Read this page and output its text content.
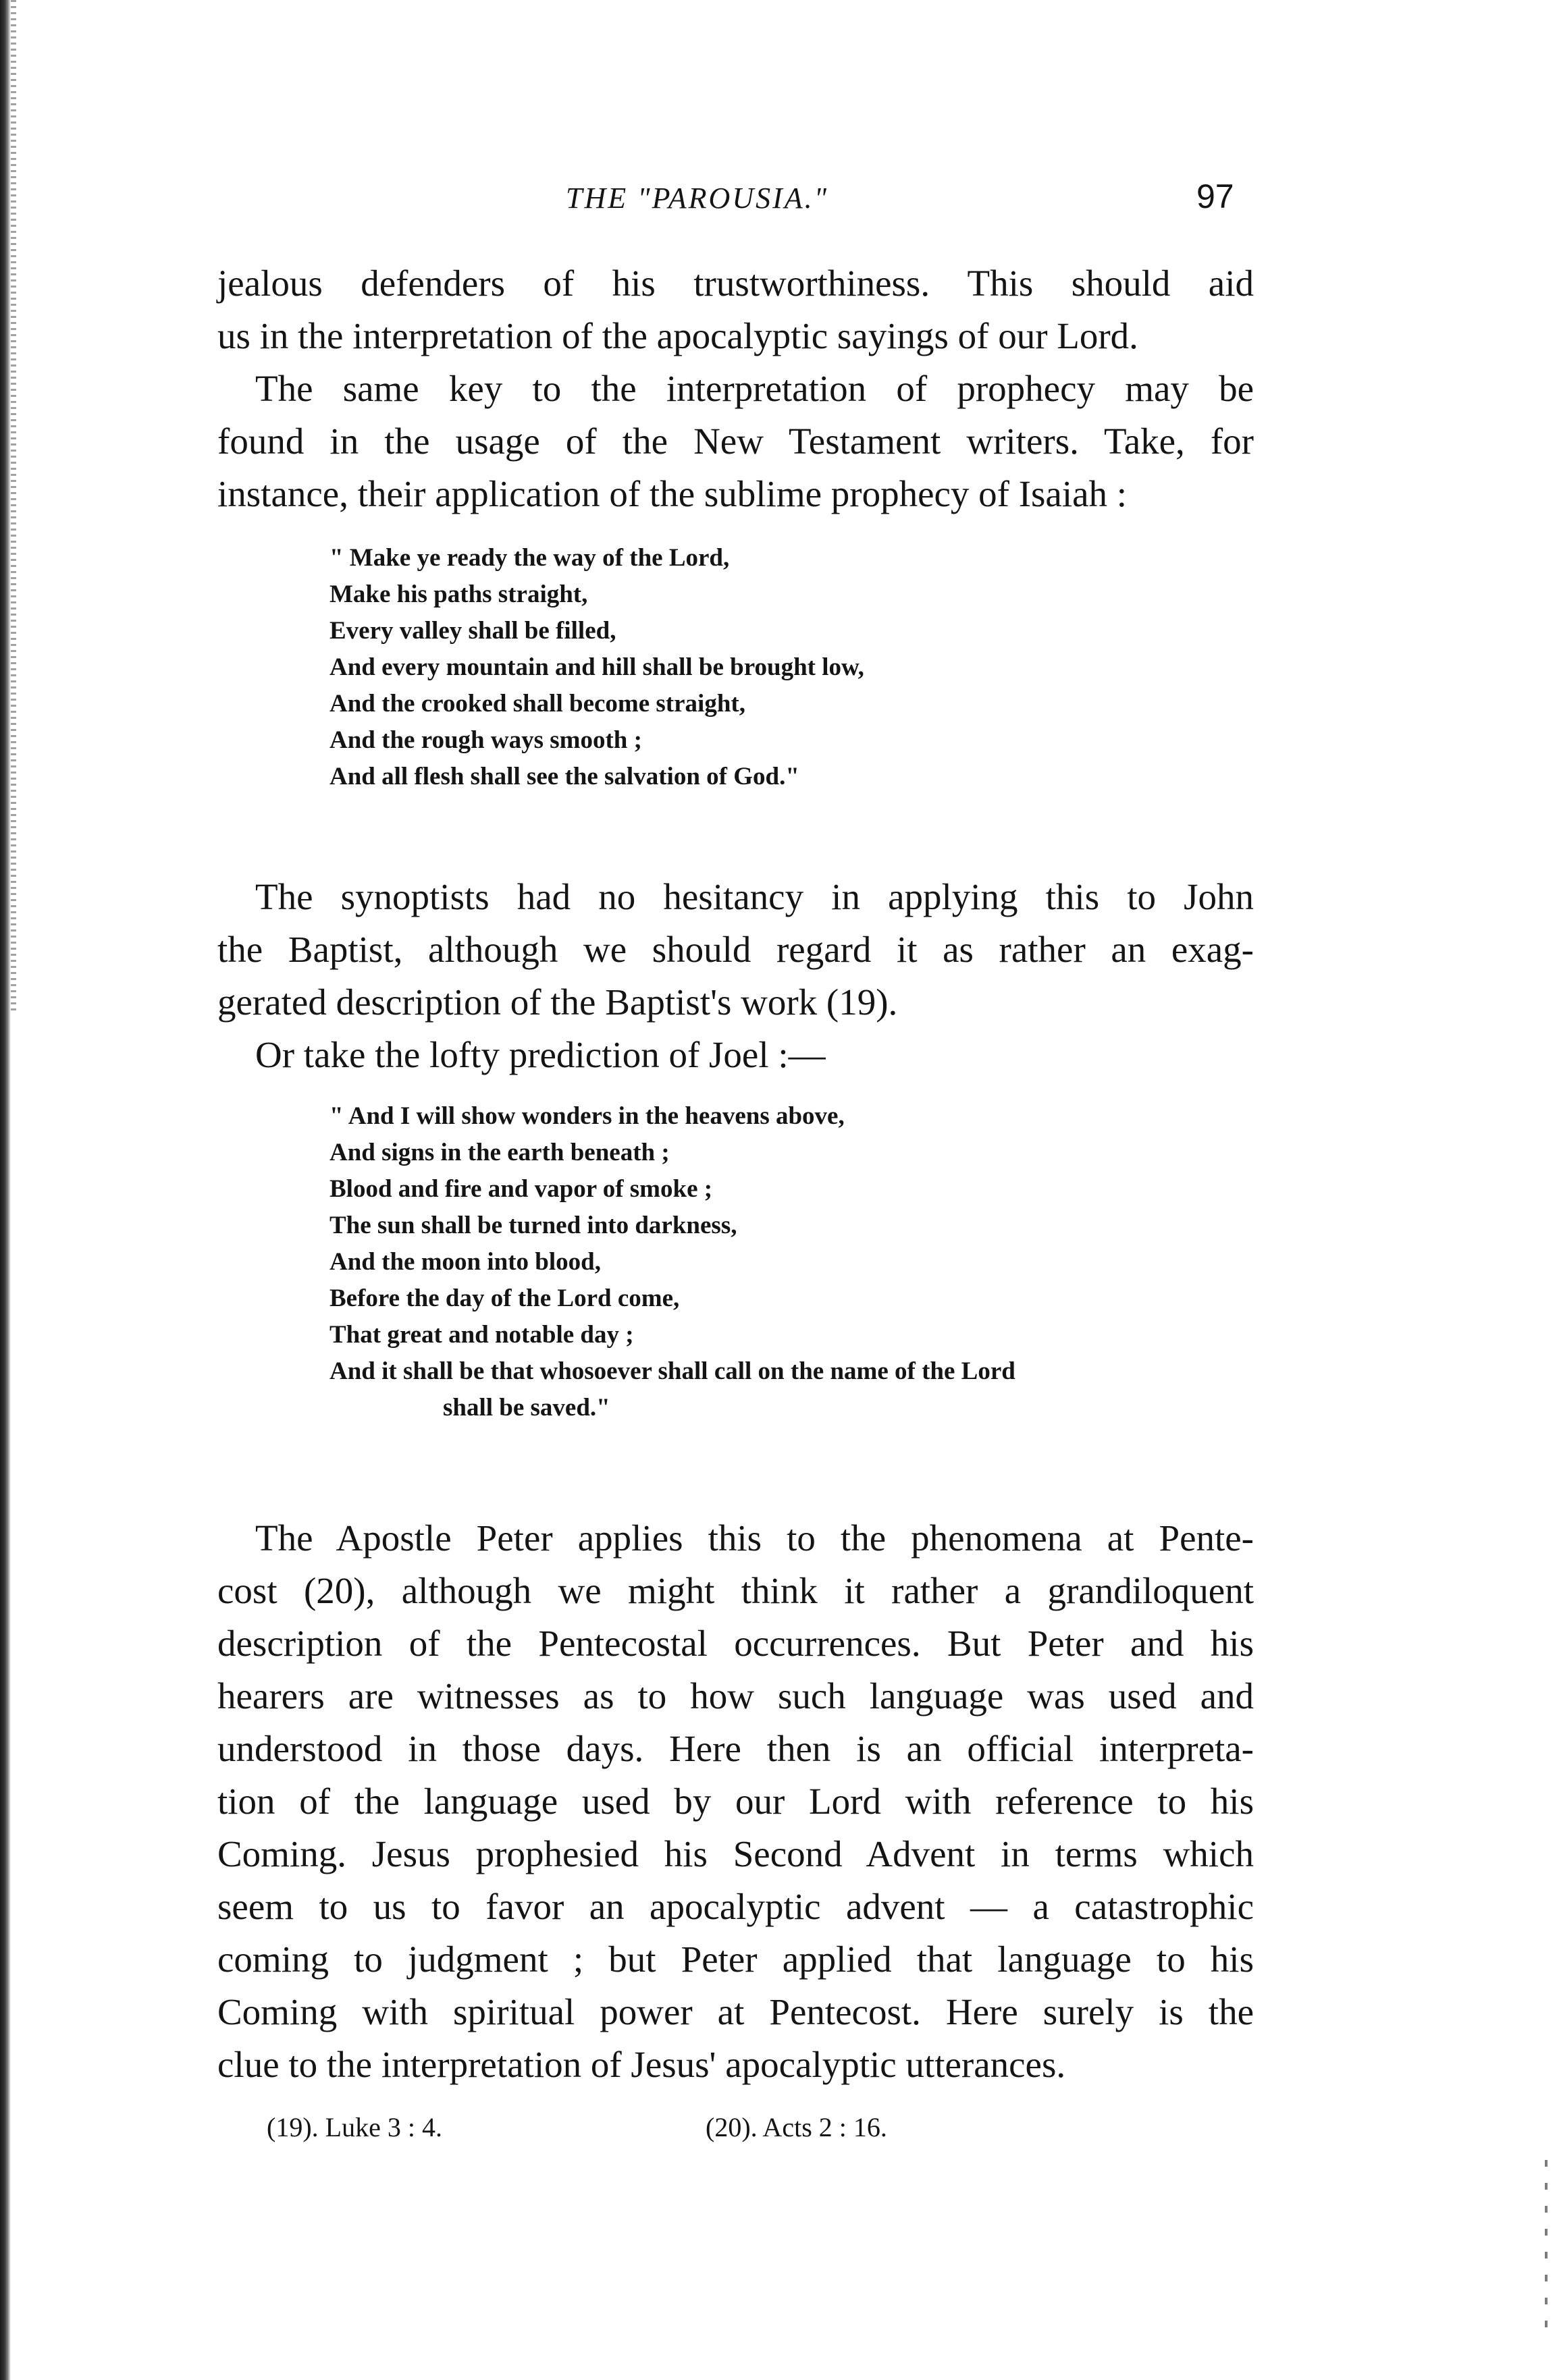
THE "PAROUSIA."	97
jealous defenders of his trustworthiness. This should aid
us in the interpretation of the apocalyptic sayings of our Lord.
The same key to the interpretation of prophecy may be
found in the usage of the New Testament writers. Take, for
instance, their application of the sublime prophecy of Isaiah :
" Make ye ready the way of the Lord,
Make his paths straight,
Every valley shall be filled,
And every mountain and hill shall be brought low,
And the crooked shall become straight,
And the rough ways smooth ;
And all flesh shall see the salvation of God."
The synoptists had no hesitancy in applying this to John
the Baptist, although we should regard it as rather an exag-
gerated description of the Baptist's work (19).
Or take the lofty prediction of Joel :—
" And I will show wonders in the heavens above,
And signs in the earth beneath ;
Blood and fire and vapor of smoke ;
The sun shall be turned into darkness,
And the moon into blood,
Before the day of the Lord come,
That great and notable day ;
And it shall be that whosoever shall call on the name of the Lord
shall be saved."
The Apostle Peter applies this to the phenomena at Pente-
cost (20), although we might think it rather a grandiloquent
description of the Pentecostal occurrences. But Peter and his
hearers are witnesses as to how such language was used and
understood in those days. Here then is an official interpreta-
tion of the language used by our Lord with reference to his
Coming. Jesus prophesied his Second Advent in terms which
seem to us to favor an apocalyptic advent — a catastrophic
coming to judgment ; but Peter applied that language to his
Coming with spiritual power at Pentecost. Here surely is the
clue to the interpretation of Jesus' apocalyptic utterances.
(19). Luke 3 : 4.	(20). Acts 2 : 16.
